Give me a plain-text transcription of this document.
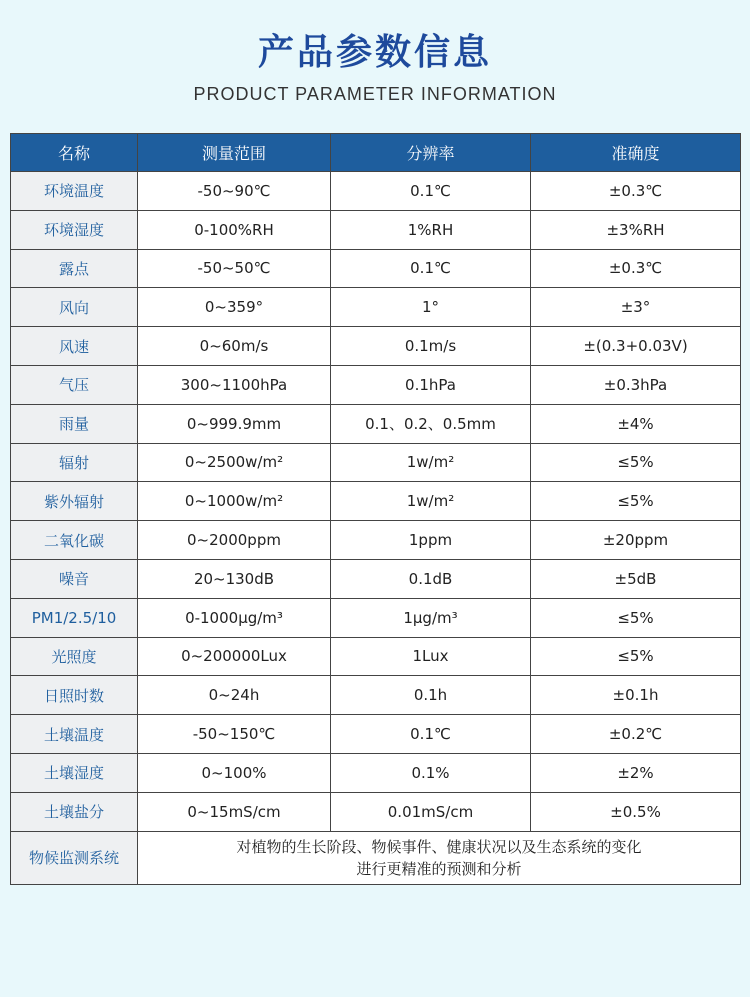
产品参数信息
PRODUCT PARAMETER INFORMATION
名称	测量范围	分辨率	准确度
环境温度	-50~90℃	0.1℃	±0.3℃
环境湿度	0-100%RH	1%RH	±3%RH
露点	-50~50℃	0.1℃	±0.3℃
风向	0~359°	1°	±3°
风速	0~60m/s	0.1m/s	±(0.3+0.03V)
气压	300~1100hPa	0.1hPa	±0.3hPa
雨量	0~999.9mm	0.1、0.2、0.5mm	±4%
辐射	0~2500w/m²	1w/m²	≤5%
紫外辐射	0~1000w/m²	1w/m²	≤5%
二氧化碳	0~2000ppm	1ppm	±20ppm
噪音	20~130dB	0.1dB	±5dB
PM1/2.5/10	0-1000μg/m³	1μg/m³	≤5%
光照度	0~200000Lux	1Lux	≤5%
日照时数	0~24h	0.1h	±0.1h
土壤温度	-50~150℃	0.1℃	±0.2℃
土壤湿度	0~100%	0.1%	±2%
土壤盐分	0~15mS/cm	0.01mS/cm	±0.5%
物候监测系统	对植物的生长阶段、物候事件、健康状况以及生态系统的变化
进行更精准的预测和分析		
